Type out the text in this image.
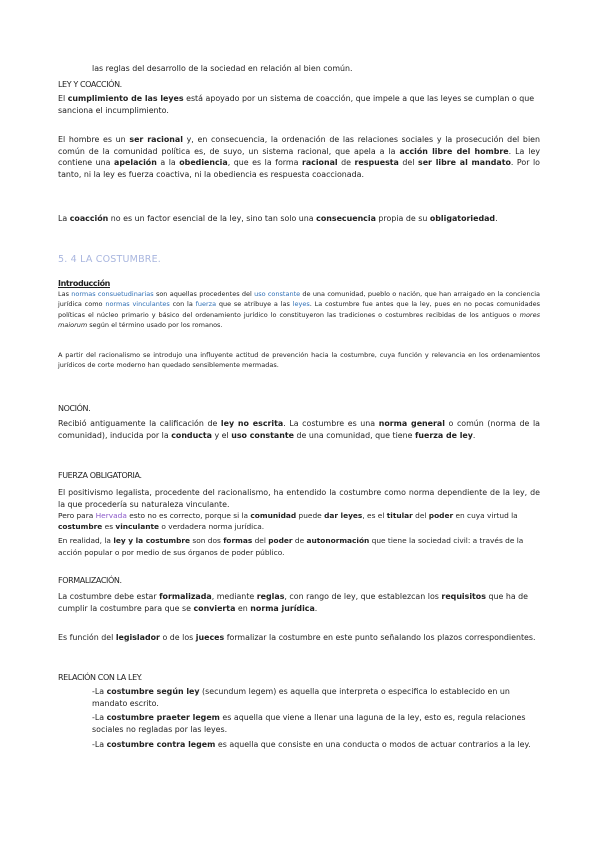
las reglas del desarrollo de la sociedad en relación al bien común.

LEY Y COACCIÓN.

El cumplimiento de las leyes está apoyado por un sistema de coacción, que impele a que las leyes se cumplan o que sanciona el incumplimiento.

El hombre es un ser racional y, en consecuencia, la ordenación de las relaciones sociales y la prosecución del bien común de la comunidad política es, de suyo, un sistema racional, que apela a la acción libre del hombre. La ley contiene una apelación a la obediencia, que es la forma racional de respuesta del ser libre al mandato. Por lo tanto, ni la ley es fuerza coactiva, ni la obediencia es respuesta coaccionada.

La coacción no es un factor esencial de la ley, sino tan solo una consecuencia propia de su obligatoriedad.

5. 4 LA COSTUMBRE.
Introducción

Las normas consuetudinarias son aquellas procedentes del uso constante de una comunidad, pueblo o nación, que han arraigado en la conciencia jurídica como normas vinculantes con la fuerza que se atribuye a las leyes. La costumbre fue antes que la ley, pues en no pocas comunidades políticas el núcleo primario y básico del ordenamiento jurídico lo constituyeron las tradiciones o costumbres recibidas de los antiguos o mores maiorum según el término usado por los romanos.

A partir del racionalismo se introdujo una influyente actitud de prevención hacia la costumbre, cuya función y relevancia en los ordenamientos jurídicos de corte moderno han quedado sensiblemente mermadas.

NOCIÓN.

Recibió antiguamente la calificación de ley no escrita. La costumbre es una norma general o común (norma de la comunidad), inducida por la conducta y el uso constante de una comunidad, que tiene fuerza de ley.

FUERZA OBLIGATORIA.

El positivismo legalista, procedente del racionalismo, ha entendido la costumbre como norma dependiente de la ley, de la que procedería su naturaleza vinculante.

Pero para Hervada esto no es correcto, porque si la comunidad puede dar leyes, es el titular del poder en cuya virtud la costumbre es vinculante o verdadera norma jurídica.

En realidad, la ley y la costumbre son dos formas del poder de autonormación que tiene la sociedad civil: a través de la acción popular o por medio de sus órganos de poder público.

FORMALIZACIÓN.

La costumbre debe estar formalizada, mediante reglas, con rango de ley, que establezcan los requisitos que ha de cumplir la costumbre para que se convierta en norma jurídica.

Es función del legislador o de los jueces formalizar la costumbre en este punto señalando los plazos correspondientes.

RELACIÓN CON LA LEY.

-La costumbre según ley (secundum legem) es aquella que interpreta o especifica lo establecido en un mandato escrito.

-La costumbre praeter legem es aquella que viene a llenar una laguna de la ley, esto es, regula relaciones sociales no regladas por las leyes.

-La costumbre contra legem es aquella que consiste en una conducta o modos de actuar contrarios a la ley.
